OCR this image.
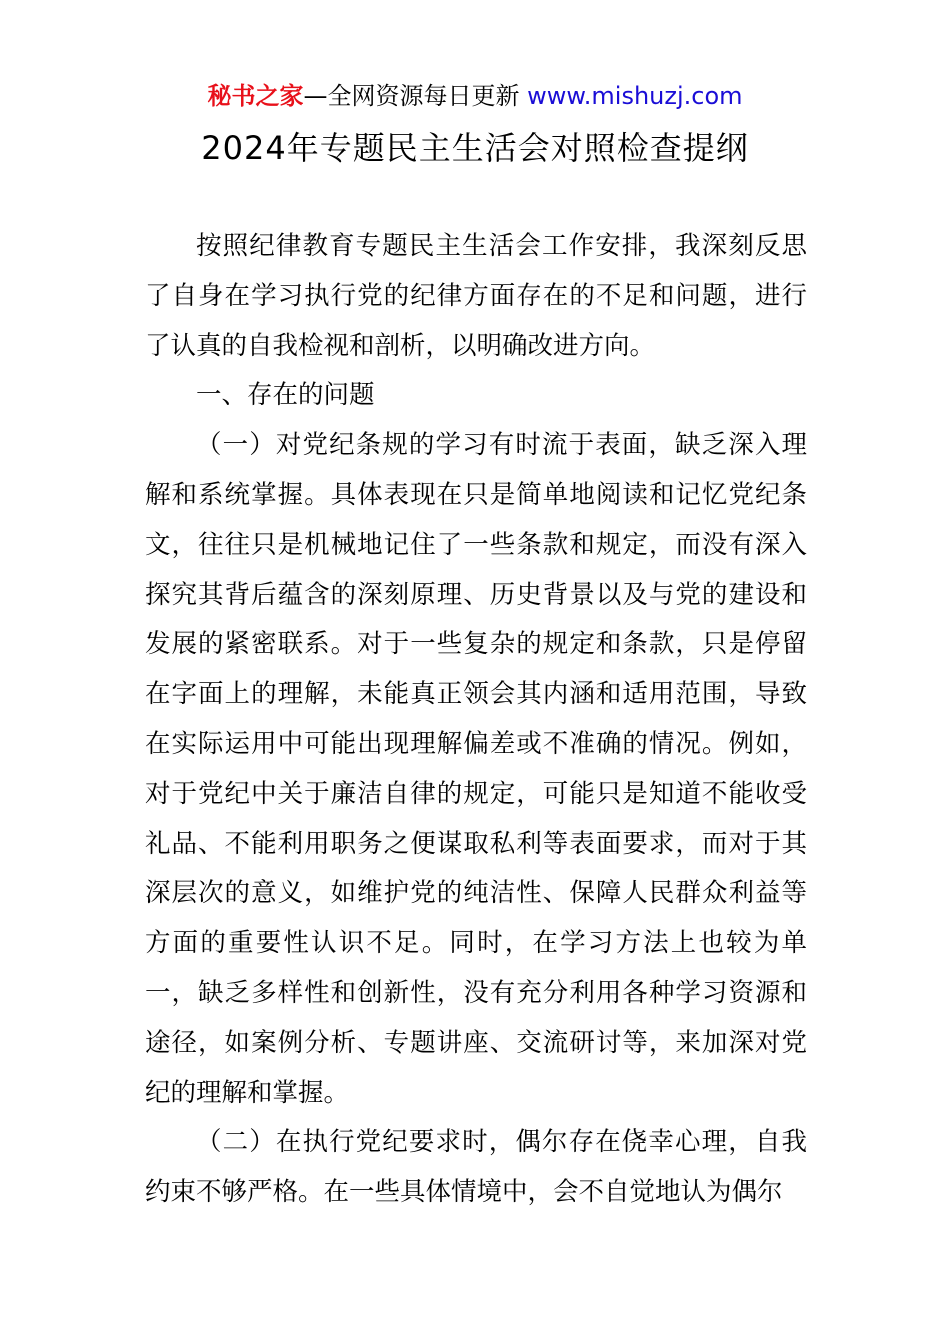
秘书之家—全网资源每日更新 www.mishuzj.com
2024年专题民主生活会对照检查提纲

按照纪律教育专题民主生活会工作安排，我深刻反思了自身在学习执行党的纪律方面存在的不足和问题，进行了认真的自我检视和剖析，以明确改进方向。

一、存在的问题

（一）对党纪条规的学习有时流于表面，缺乏深入理解和系统掌握。具体表现在只是简单地阅读和记忆党纪条文，往往只是机械地记住了一些条款和规定，而没有深入探究其背后蕴含的深刻原理、历史背景以及与党的建设和发展的紧密联系。对于一些复杂的规定和条款，只是停留在字面上的理解，未能真正领会其内涵和适用范围，导致在实际运用中可能出现理解偏差或不准确的情况。例如，对于党纪中关于廉洁自律的规定，可能只是知道不能收受礼品、不能利用职务之便谋取私利等表面要求，而对于其深层次的意义，如维护党的纯洁性、保障人民群众利益等方面的重要性认识不足。同时，在学习方法上也较为单一，缺乏多样性和创新性，没有充分利用各种学习资源和途径，如案例分析、专题讲座、交流研讨等，来加深对党纪的理解和掌握。

（二）在执行党纪要求时，偶尔存在侥幸心理，自我约束不够严格。在一些具体情境中，会不自觉地认为偶尔
